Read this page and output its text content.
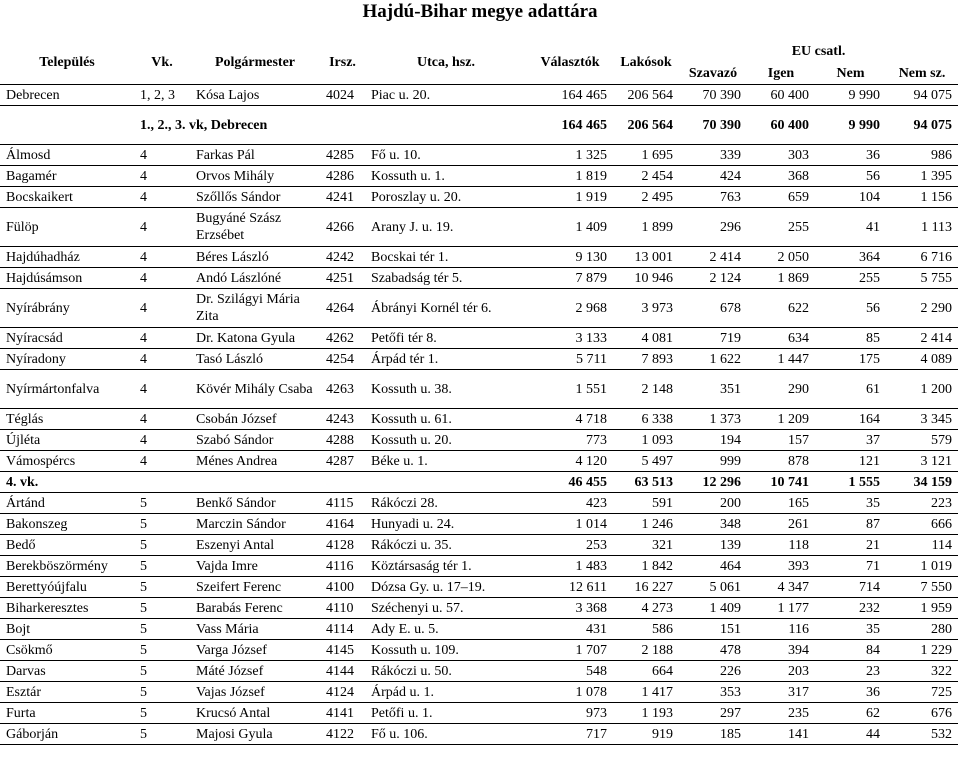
Hajdú-Bihar megye adattára
Település	Vk.	Polgármester	Irsz.	Utca, hsz.	Választók	Lakósok	EU csatl.			
							Szavazó	Igen	Nem	Nem sz.
Debrecen	1, 2, 3	Kósa Lajos	4024	Piac u. 20.	164 465	206 564	70 390	60 400	9 990	94 075
	1., 2., 3. vk, Debrecen				164 465	206 564	70 390	60 400	9 990	94 075
Álmosd	4	Farkas Pál	4285	Fő u. 10.	1 325	1 695	339	303	36	986
Bagamér	4	Orvos Mihály	4286	Kossuth u. 1.	1 819	2 454	424	368	56	1 395
Bocskaikert	4	Szőllős Sándor	4241	Poroszlay u. 20.	1 919	2 495	763	659	104	1 156
Fülöp	4	Bugyáné Szász Erzsébet	4266	Arany J. u. 19.	1 409	1 899	296	255	41	1 113
Hajdúhadház	4	Béres László	4242	Bocskai tér 1.	9 130	13 001	2 414	2 050	364	6 716
Hajdúsámson	4	Andó Lászlóné	4251	Szabadság tér 5.	7 879	10 946	2 124	1 869	255	5 755
Nyírábrány	4	Dr. Szilágyi Mária Zita	4264	Ábrányi Kornél tér 6.	2 968	3 973	678	622	56	2 290
Nyíracsád	4	Dr. Katona Gyula	4262	Petőfi tér 8.	3 133	4 081	719	634	85	2 414
Nyíradony	4	Tasó László	4254	Árpád tér 1.	5 711	7 893	1 622	1 447	175	4 089
Nyírmártonfalva	4	Kövér Mihály Csaba	4263	Kossuth u. 38.	1 551	2 148	351	290	61	1 200
Téglás	4	Csobán József	4243	Kossuth u. 61.	4 718	6 338	1 373	1 209	164	3 345
Újléta	4	Szabó Sándor	4288	Kossuth u. 20.	773	1 093	194	157	37	579
Vámospércs	4	Ménes Andrea	4287	Béke u. 1.	4 120	5 497	999	878	121	3 121
4. vk.					46 455	63 513	12 296	10 741	1 555	34 159
Ártánd	5	Benkő Sándor	4115	Rákóczi 28.	423	591	200	165	35	223
Bakonszeg	5	Marczin Sándor	4164	Hunyadi u. 24.	1 014	1 246	348	261	87	666
Bedő	5	Eszenyi Antal	4128	Rákóczi u. 35.	253	321	139	118	21	114
Berekböszörmény	5	Vajda Imre	4116	Köztársaság tér 1.	1 483	1 842	464	393	71	1 019
Berettyóújfalu	5	Szeifert Ferenc	4100	Dózsa Gy. u. 17–19.	12 611	16 227	5 061	4 347	714	7 550
Biharkeresztes	5	Barabás Ferenc	4110	Széchenyi u. 57.	3 368	4 273	1 409	1 177	232	1 959
Bojt	5	Vass Mária	4114	Ady E. u. 5.	431	586	151	116	35	280
Csökmő	5	Varga József	4145	Kossuth u. 109.	1 707	2 188	478	394	84	1 229
Darvas	5	Máté József	4144	Rákóczi u. 50.	548	664	226	203	23	322
Esztár	5	Vajas József	4124	Árpád u. 1.	1 078	1 417	353	317	36	725
Furta	5	Krucsó Antal	4141	Petőfi u. 1.	973	1 193	297	235	62	676
Gáborján	5	Majosi Gyula	4122	Fő u. 106.	717	919	185	141	44	532
